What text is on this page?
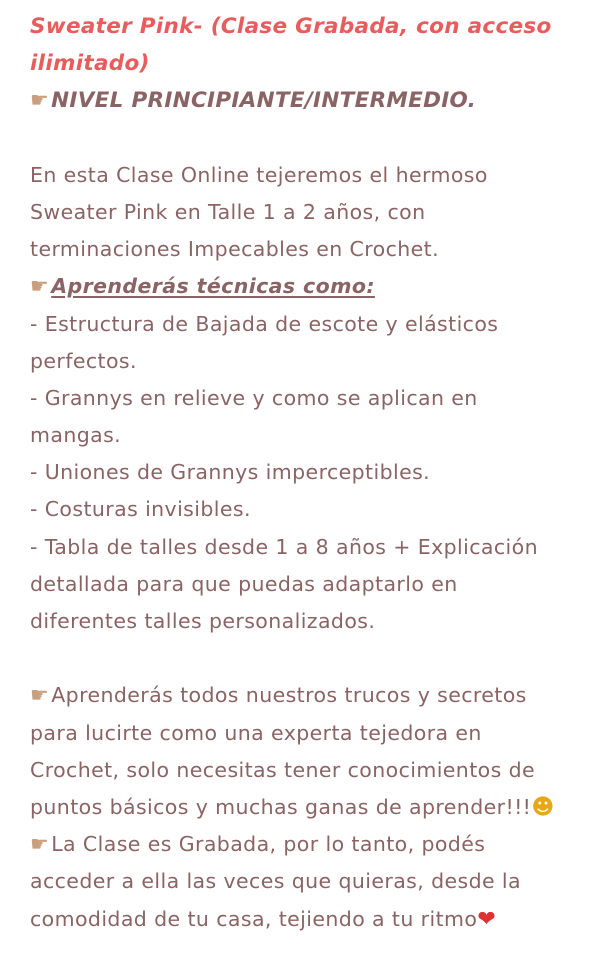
Sweater Pink- (Clase Grabada, con acceso
ilimitado)
☛NIVEL PRINCIPIANTE/INTERMEDIO.
En esta Clase Online tejeremos el hermoso
Sweater Pink en Talle 1 a 2 años, con
terminaciones Impecables en Crochet.
☛Aprenderás técnicas como:
- Estructura de Bajada de escote y elásticos
perfectos.
- Grannys en relieve y como se aplican en
mangas.
- Uniones de Grannys imperceptibles.
- Costuras invisibles.
- Tabla de talles desde 1 a 8 años + Explicación
detallada para que puedas adaptarlo en
diferentes talles personalizados.
☛Aprenderás todos nuestros trucos y secretos
para lucirte como una experta tejedora en
Crochet, solo necesitas tener conocimientos de
puntos básicos y muchas ganas de aprender!!!☻
☛La Clase es Grabada, por lo tanto, podés
acceder a ella las veces que quieras, desde la
comodidad de tu casa, tejiendo a tu ritmo❤
